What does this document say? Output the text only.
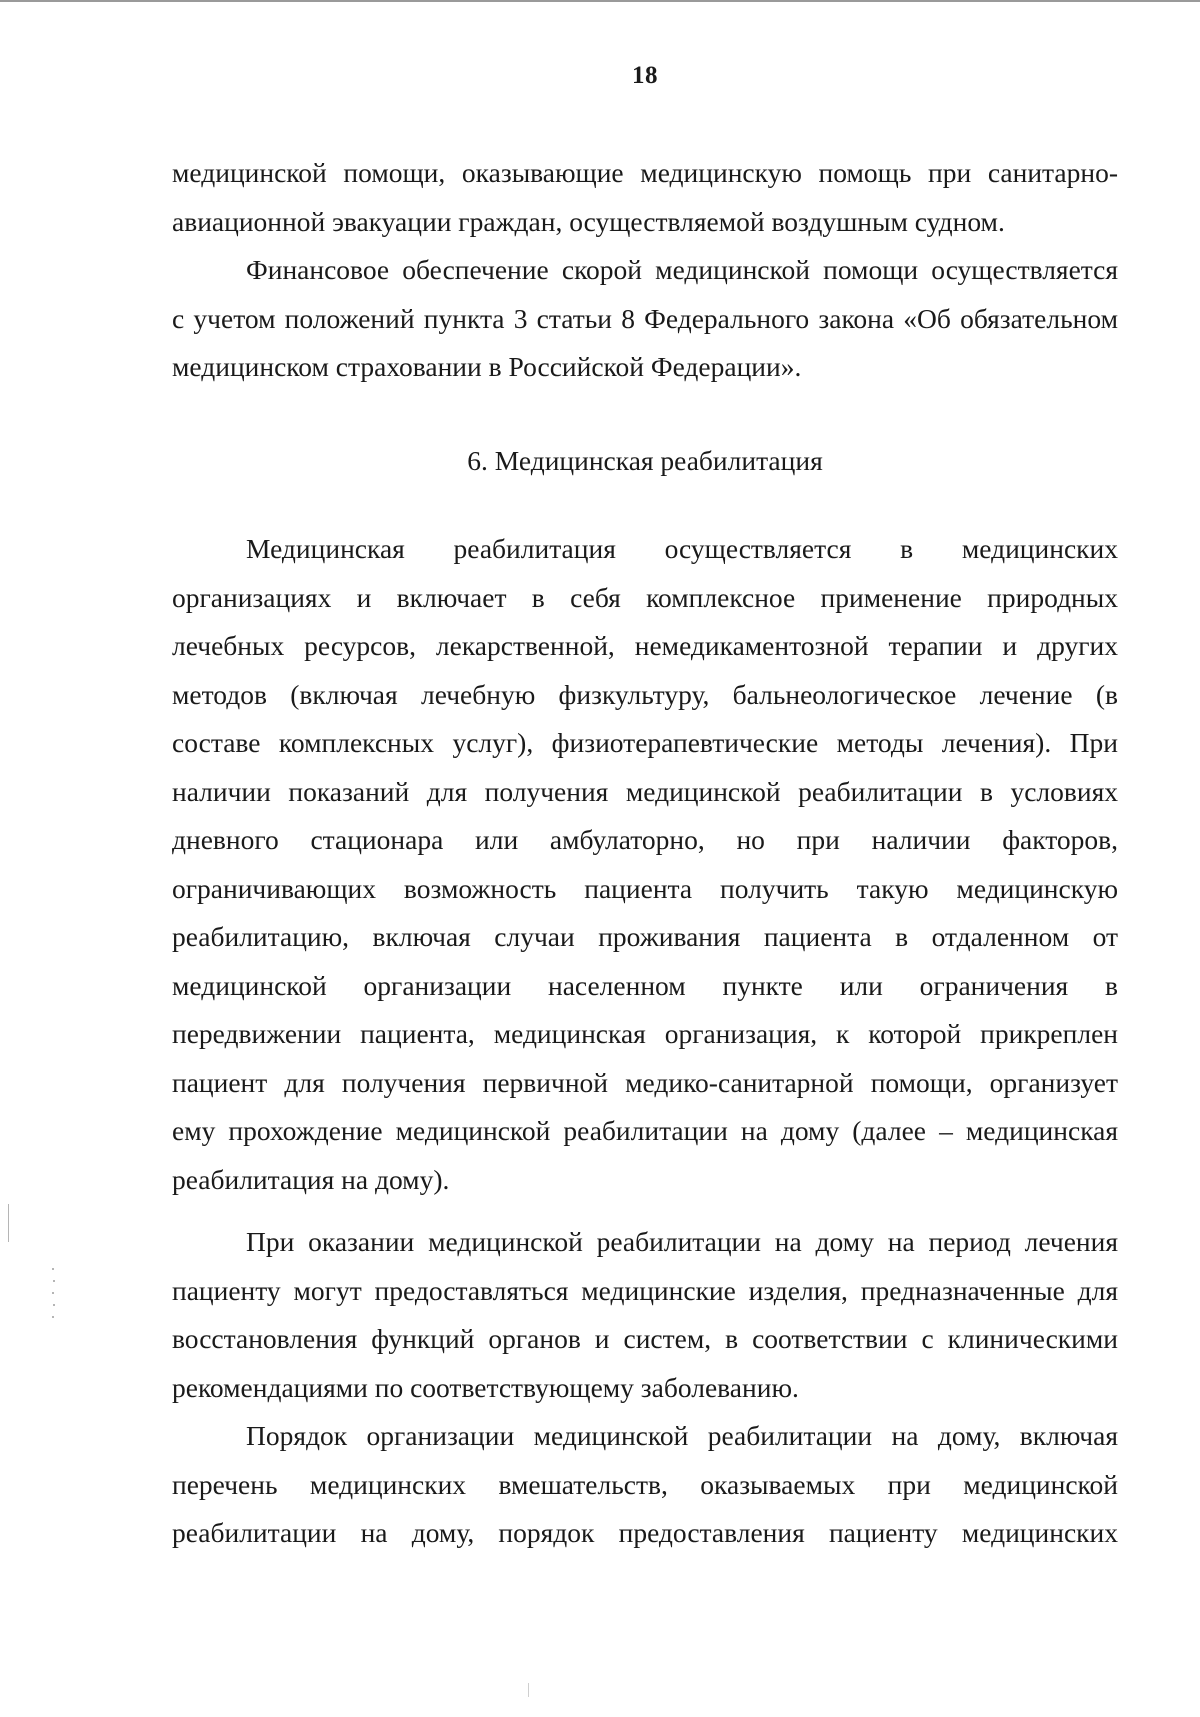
18
медицинской помощи, оказывающие медицинскую помощь при санитарно-
авиационной эвакуации граждан, осуществляемой воздушным судном.
Финансовое обеспечение скорой медицинской помощи осуществляется
с учетом положений пункта 3 статьи 8 Федерального закона «Об обязательном
медицинском страховании в Российской Федерации».
6. Медицинская реабилитация
Медицинская реабилитация осуществляется в медицинских
организациях и включает в себя комплексное применение природных
лечебных ресурсов, лекарственной, немедикаментозной терапии и других
методов (включая лечебную физкультуру, бальнеологическое лечение (в
составе комплексных услуг), физиотерапевтические методы лечения). При
наличии показаний для получения медицинской реабилитации в условиях
дневного стационара или амбулаторно, но при наличии факторов,
ограничивающих возможность пациента получить такую медицинскую
реабилитацию, включая случаи проживания пациента в отдаленном от
медицинской организации населенном пункте или ограничения в
передвижении пациента, медицинская организация, к которой прикреплен
пациент для получения первичной медико-санитарной помощи, организует
ему прохождение медицинской реабилитации на дому (далее – медицинская
реабилитация на дому).
При оказании медицинской реабилитации на дому на период лечения
пациенту могут предоставляться медицинские изделия, предназначенные для
восстановления функций органов и систем, в соответствии с клиническими
рекомендациями по соответствующему заболеванию.
Порядок организации медицинской реабилитации на дому, включая
перечень медицинских вмешательств, оказываемых при медицинской
реабилитации на дому, порядок предоставления пациенту медицинских
